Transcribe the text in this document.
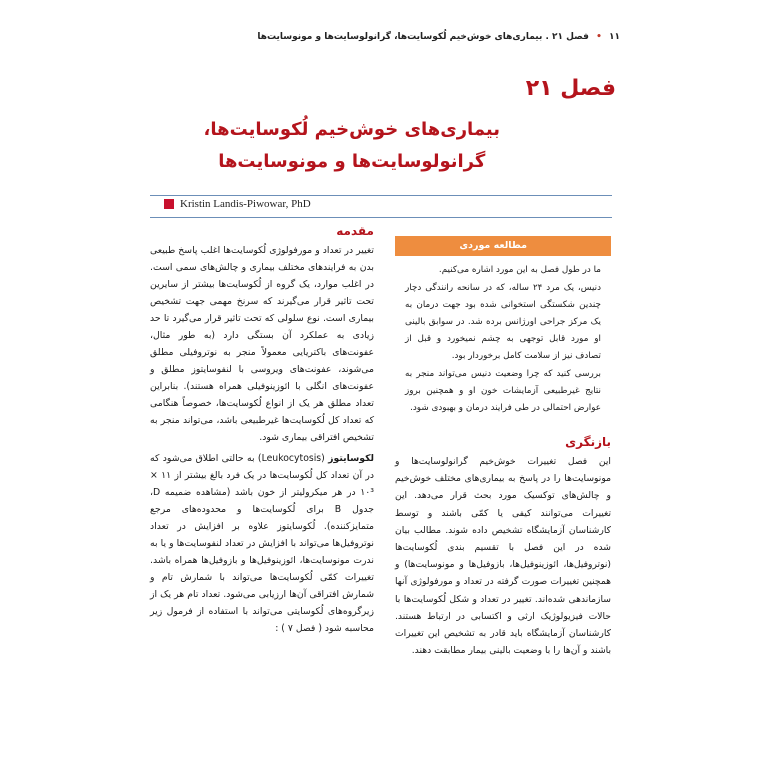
۱۱ • فصل ۲۱ . بیماری‌های خوش‌خیم لُکوسایت‌ها، گرانولوسایت‌ها و مونوسایت‌ها
فصل ۲۱
بیماری‌های خوش‌خیم لُکوسایت‌ها،
گرانولوسایت‌ها و مونوسایت‌ها
Kristin Landis-Piwowar, PhD
مقدمه

تغییر در تعداد و مورفولوژی لُکوسایت‌ها اغلب پاسخ طبیعی بدن به فرایندهای مختلف بیماری و چالش‌های سمی است. در اغلب موارد، یک گروه از لُکوسایت‌ها بیشتر از سایرین تحت تاثیر قرار می‌گیرند که سرنخ مهمی جهت تشخیص بیماری است. نوع سلولی که تحت تاثیر قرار می‌گیرد تا حد زیادی به عملکرد آن بستگی دارد (به طور مثال، عفونت‌های باکتریایی معمولاً منجر به نوتروفیلی مطلق می‌شوند، عفونت‌های ویروسی با لنفوسایتوز مطلق و عفونت‌های انگلی با ائوزینوفیلی همراه هستند). بنابراین تعداد مطلق هر یک از انواع لُکوسایت‌ها، خصوصاً هنگامی که تعداد کل لُکوسایت‌ها غیرطبیعی باشد، می‌تواند منجر به تشخیص افتراقی بیماری شود.

لکوسایتوز (Leukocytosis) به حالتی اطلاق می‌شود که در آن تعداد کل لُکوسایت‌ها در یک فرد بالغ بیشتر از ۱۱ × ۱۰³ در هر میکرولیتر از خون باشد (مشاهده ضمیمه D، جدول B برای لُکوسایت‌ها و محدوده‌های مرجع متمایزکننده). لُکوسایتوز علاوه بر افزایش در تعداد نوتروفیل‌ها می‌تواند با افزایش در تعداد لنفوسایت‌ها و یا به ندرت مونوسایت‌ها، ائوزینوفیل‌ها و بازوفیل‌ها همراه باشد. تغییرات کمّی لُکوسایت‌ها می‌تواند با شمارش تام و شمارش افتراقی آن‌ها ارزیابی می‌شود. تعداد تام هر یک از زیرگروه‌های لُکوسایتی می‌تواند با استفاده از فرمول زیر محاسبه شود ( فصل ۷ ) :

مطالعه موردی

ما در طول فصل به این مورد اشاره می‌کنیم.

دنیس، یک مرد ۲۴ ساله، که در سانحه رانندگی دچار چندین شکستگی استخوانی شده بود جهت درمان به یک مرکز جراحی اورژانس برده شد. در سوابق بالینی او مورد قابل توجهی به چشم نمیخورد و قبل از تصادف نیز از سلامت کامل برخوردار بود.

بررسی کنید که چرا وضعیت دنیس می‌تواند منجر به نتایج غیرطبیعی آزمایشات خون او و همچنین بروز عوارض احتمالی در طی فرایند درمان و بهبودی شود.

بازنگری

این فصل تغییرات خوش‌خیم گرانولوسایت‌ها و مونوسایت‌ها را در پاسخ به بیماری‌های مختلف خوش‌خیم و چالش‌های توکسیک مورد بحث قرار می‌دهد. این تغییرات می‌توانند کیفی یا کمّی باشند و توسط کارشناسان آزمایشگاه تشخیص داده شوند. مطالب بیان شده در این فصل با تقسیم بندی لُکوسایت‌ها (نوتروفیل‌ها، ائوزینوفیل‌ها، بازوفیل‌ها و مونوسایت‌ها) و همچنین تغییرات صورت گرفته در تعداد و مورفولوژی آنها سازماندهی شده‌اند. تغییر در تعداد و شکل لُکوسایت‌ها با حالات فیزیولوژیک ارثی و اکتسابی در ارتباط هستند. کارشناسان آزمایشگاه باید قادر به تشخیص این تغییرات باشند و آن‌ها را با وضعیت بالینی بیمار مطابقت دهند.
